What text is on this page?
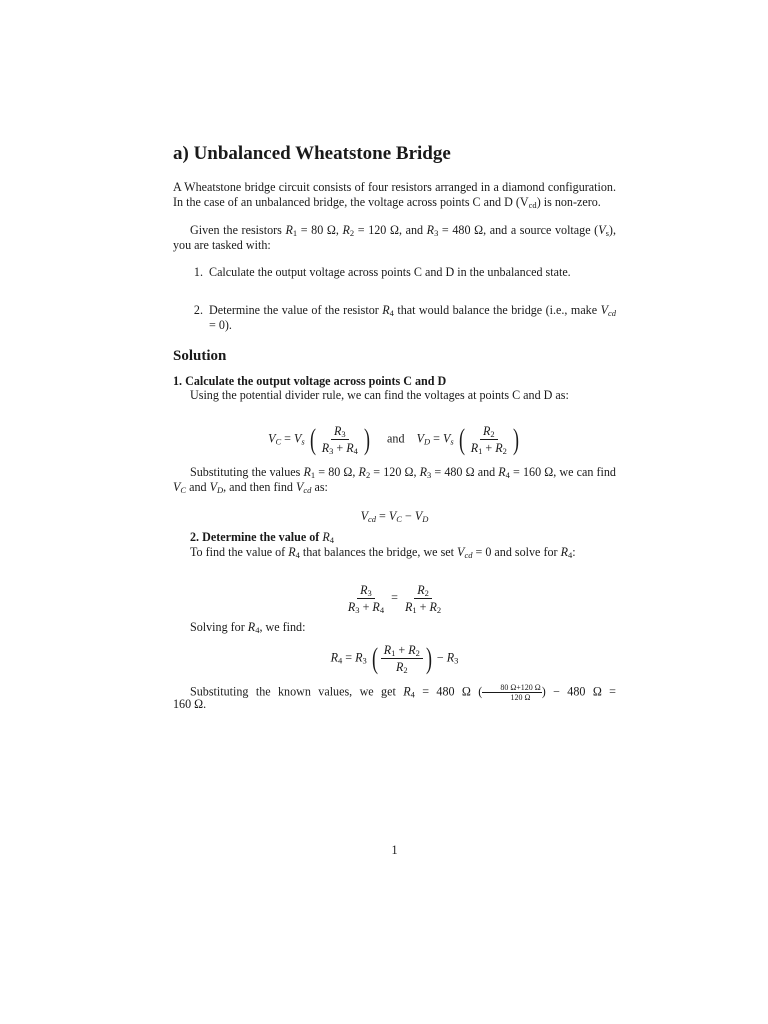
a) Unbalanced Wheatstone Bridge
A Wheatstone bridge circuit consists of four resistors arranged in a diamond configuration. In the case of an unbalanced bridge, the voltage across points C and D $(V_{cd})$ is non-zero.
Given the resistors $R_1 = 80$ Ω, $R_2 = 120$ Ω, and $R_3 = 480$ Ω, and a source voltage $(V_s)$, you are tasked with:
1. Calculate the output voltage across points C and D in the unbalanced state.
2. Determine the value of the resistor $R_4$ that would balance the bridge (i.e., make $V_{cd} = 0$).
Solution
1. Calculate the output voltage across points C and D
Using the potential divider rule, we can find the voltages at points C and D as:
$V_C = V_s$ ( $\frac{R_3}{R_3 + R_4}$ ) and $V_D = V_s$ ( $\frac{R_2}{R_1 + R_2}$ )
Substituting the values $R_1 = 80$ Ω, $R_2 = 120$ Ω, $R_3 = 480$ Ω and $R_4 = 160$ Ω, we can find $V_C$ and $V_D$, and then find $V_{cd}$ as:
$V_{cd} = V_C - V_D$
2. Determine the value of $R_4$
To find the value of $R_4$ that balances the bridge, we set $V_{cd} = 0$ and solve for $R_4$:
$\frac{R_3}{R_3 + R_4} = \frac{R_2}{R_1 + R_2}$
Solving for $R_4$, we find:
$R_4 = R_3$ ( $\frac{R_1 + R_2}{R_2}$ ) − $R_3$
Substituting the known values, we get $R_4 = 480$ Ω ( $\frac{80 \Omega+120 \Omega}{120 \Omega}$ ) − 480 Ω =
160 Ω.
1
